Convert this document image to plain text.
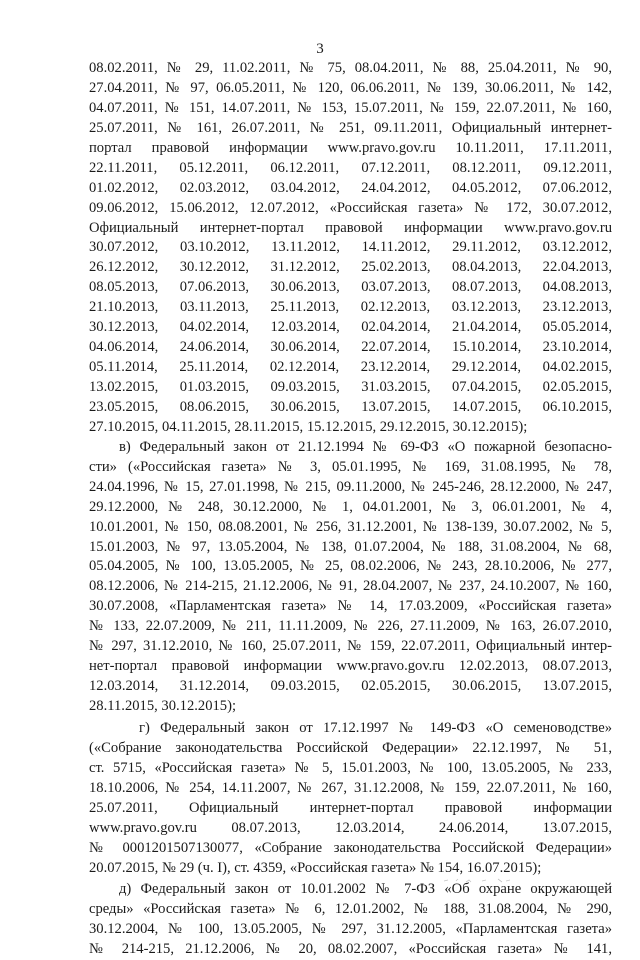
3
08.02.2011, № 29, 11.02.2011, № 75, 08.04.2011, № 88, 25.04.2011, № 90,
27.04.2011, № 97, 06.05.2011, № 120, 06.06.2011, № 139, 30.06.2011, № 142,
04.07.2011, № 151, 14.07.2011, № 153, 15.07.2011, № 159, 22.07.2011, № 160,
25.07.2011, № 161, 26.07.2011, № 251, 09.11.2011, Официальный интернет-
портал правовой информации www.pravo.gov.ru 10.11.2011, 17.11.2011,
22.11.2011, 05.12.2011, 06.12.2011, 07.12.2011, 08.12.2011, 09.12.2011,
01.02.2012, 02.03.2012, 03.04.2012, 24.04.2012, 04.05.2012, 07.06.2012,
09.06.2012, 15.06.2012, 12.07.2012, «Российская газета» № 172, 30.07.2012,
Официальный интернет-портал правовой информации www.pravo.gov.ru
30.07.2012, 03.10.2012, 13.11.2012, 14.11.2012, 29.11.2012, 03.12.2012,
26.12.2012, 30.12.2012, 31.12.2012, 25.02.2013, 08.04.2013, 22.04.2013,
08.05.2013, 07.06.2013, 30.06.2013, 03.07.2013, 08.07.2013, 04.08.2013,
21.10.2013, 03.11.2013, 25.11.2013, 02.12.2013, 03.12.2013, 23.12.2013,
30.12.2013, 04.02.2014, 12.03.2014, 02.04.2014, 21.04.2014, 05.05.2014,
04.06.2014, 24.06.2014, 30.06.2014, 22.07.2014, 15.10.2014, 23.10.2014,
05.11.2014, 25.11.2014, 02.12.2014, 23.12.2014, 29.12.2014, 04.02.2015,
13.02.2015, 01.03.2015, 09.03.2015, 31.03.2015, 07.04.2015, 02.05.2015,
23.05.2015, 08.06.2015, 30.06.2015, 13.07.2015, 14.07.2015, 06.10.2015,
27.10.2015, 04.11.2015, 28.11.2015, 15.12.2015, 29.12.2015, 30.12.2015);
в) Федеральный закон от 21.12.1994 № 69-ФЗ «О пожарной безопасно-
сти» («Российская газета» № 3, 05.01.1995, № 169, 31.08.1995, № 78,
24.04.1996, № 15, 27.01.1998, № 215, 09.11.2000, № 245-246, 28.12.2000, № 247,
29.12.2000, № 248, 30.12.2000, № 1, 04.01.2001, № 3, 06.01.2001, № 4,
10.01.2001, № 150, 08.08.2001, № 256, 31.12.2001, № 138-139, 30.07.2002, № 5,
15.01.2003, № 97, 13.05.2004, № 138, 01.07.2004, № 188, 31.08.2004, № 68,
05.04.2005, № 100, 13.05.2005, № 25, 08.02.2006, № 243, 28.10.2006, № 277,
08.12.2006, № 214-215, 21.12.2006, № 91, 28.04.2007, № 237, 24.10.2007, № 160,
30.07.2008, «Парламентская газета» № 14, 17.03.2009, «Российская газета»
№ 133, 22.07.2009, № 211, 11.11.2009, № 226, 27.11.2009, № 163, 26.07.2010,
№ 297, 31.12.2010, № 160, 25.07.2011, № 159, 22.07.2011, Официальный интер-
нет-портал правовой информации www.pravo.gov.ru 12.02.2013, 08.07.2013,
12.03.2014, 31.12.2014, 09.03.2015, 02.05.2015, 30.06.2015, 13.07.2015,
28.11.2015, 30.12.2015);
г) Федеральный закон от 17.12.1997 № 149-ФЗ «О семеноводстве»
(«Собрание законодательства Российской Федерации» 22.12.1997, № 51,
ст. 5715, «Российская газета» № 5, 15.01.2003, № 100, 13.05.2005, № 233,
18.10.2006, № 254, 14.11.2007, № 267, 31.12.2008, № 159, 22.07.2011, № 160,
25.07.2011, Официальный интернет-портал правовой информации
www.pravo.gov.ru 08.07.2013, 12.03.2014, 24.06.2014, 13.07.2015,
№ 0001201507130077, «Собрание законодательства Российской Федерации»
20.07.2015, № 29 (ч. I), ст. 4359, «Российская газета» № 154, 16.07.2015);
д) Федеральный закон от 10.01.2002 № 7-ФЗ «Об охране окружающей
среды» «Российская газета» № 6, 12.01.2002, № 188, 31.08.2004, № 290,
30.12.2004, № 100, 13.05.2005, № 297, 31.12.2005, «Парламентская газета»
№ 214-215, 21.12.2006, № 20, 08.02.2007, «Российская газета» № 141,
